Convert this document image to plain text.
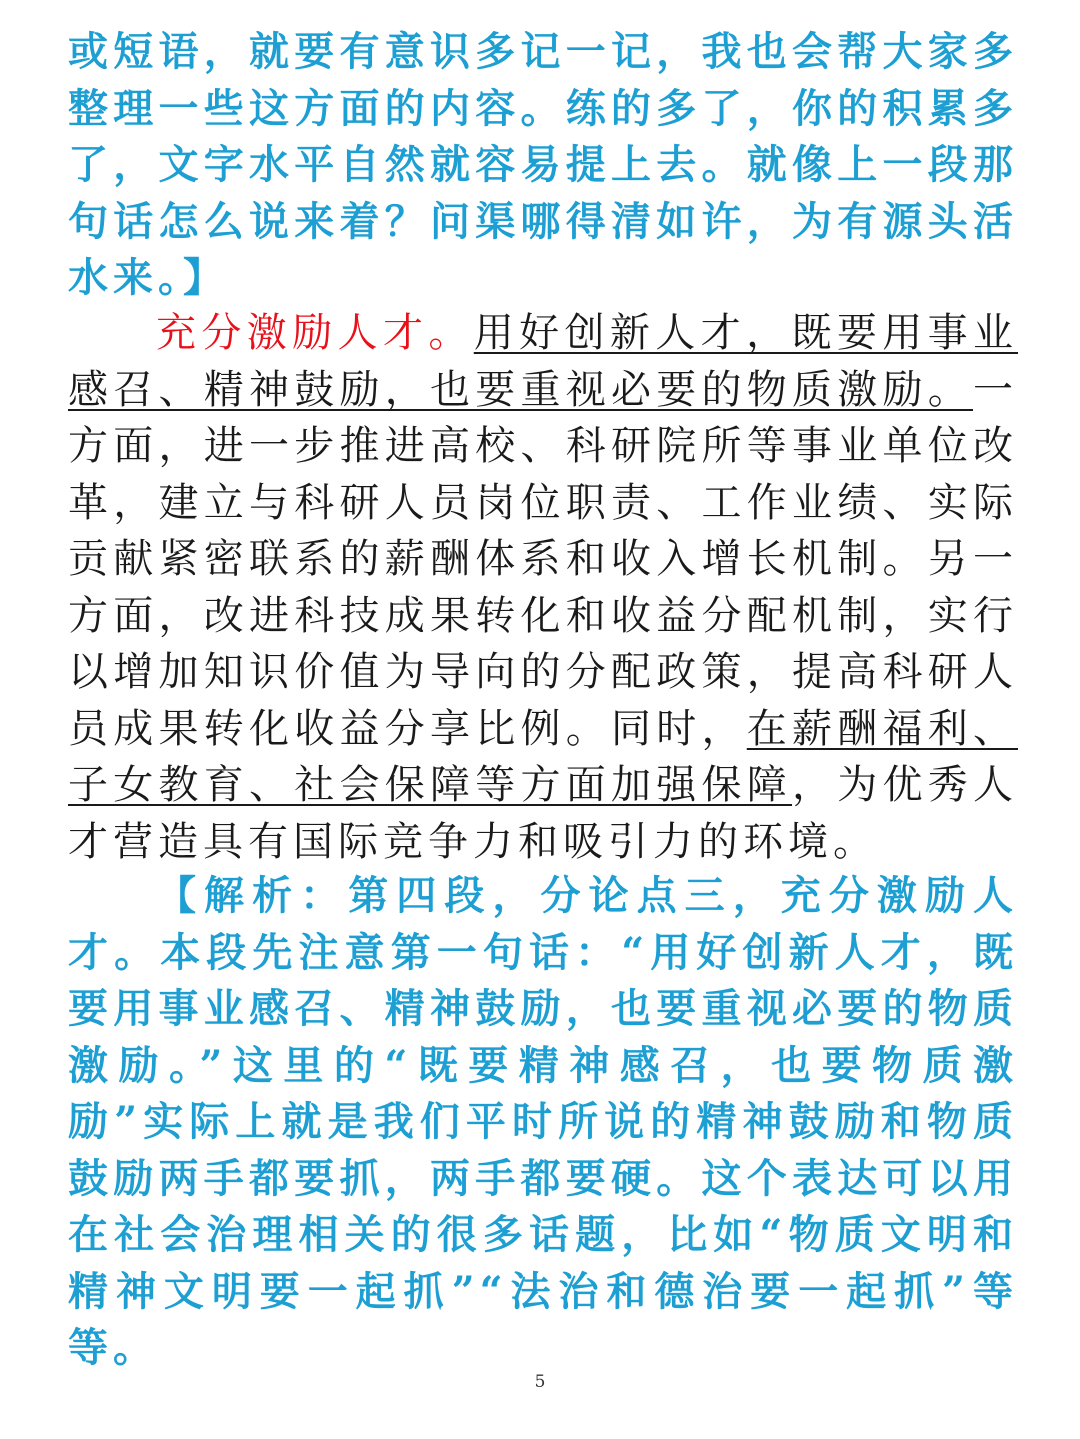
或短语，就要有意识多记一记，我也会帮大家多整理一些这方面的内容。练的多了，你的积累多了，文字水平自然就容易提上去。就像上一段那句话怎么说来着？问渠哪得清如许，为有源头活水来。】

充分激励人才。用好创新人才，既要用事业感召、精神鼓励，也要重视必要的物质激励。一方面，进一步推进高校、科研院所等事业单位改革，建立与科研人员岗位职责、工作业绩、实际贡献紧密联系的薪酬体系和收入增长机制。另一方面，改进科技成果转化和收益分配机制，实行以增加知识价值为导向的分配政策，提高科研人员成果转化收益分享比例。同时，在薪酬福利、子女教育、社会保障等方面加强保障，为优秀人才营造具有国际竞争力和吸引力的环境。

【解析：第四段，分论点三，充分激励人才。本段先注意第一句话：“用好创新人才，既要用事业感召、精神鼓励，也要重视必要的物质激励。”这里的“既要精神感召，也要物质激励”实际上就是我们平时所说的精神鼓励和物质鼓励两手都要抓，两手都要硬。这个表达可以用在社会治理相关的很多话题，比如“物质文明和精神文明要一起抓”“法治和德治要一起抓”等等。

5
